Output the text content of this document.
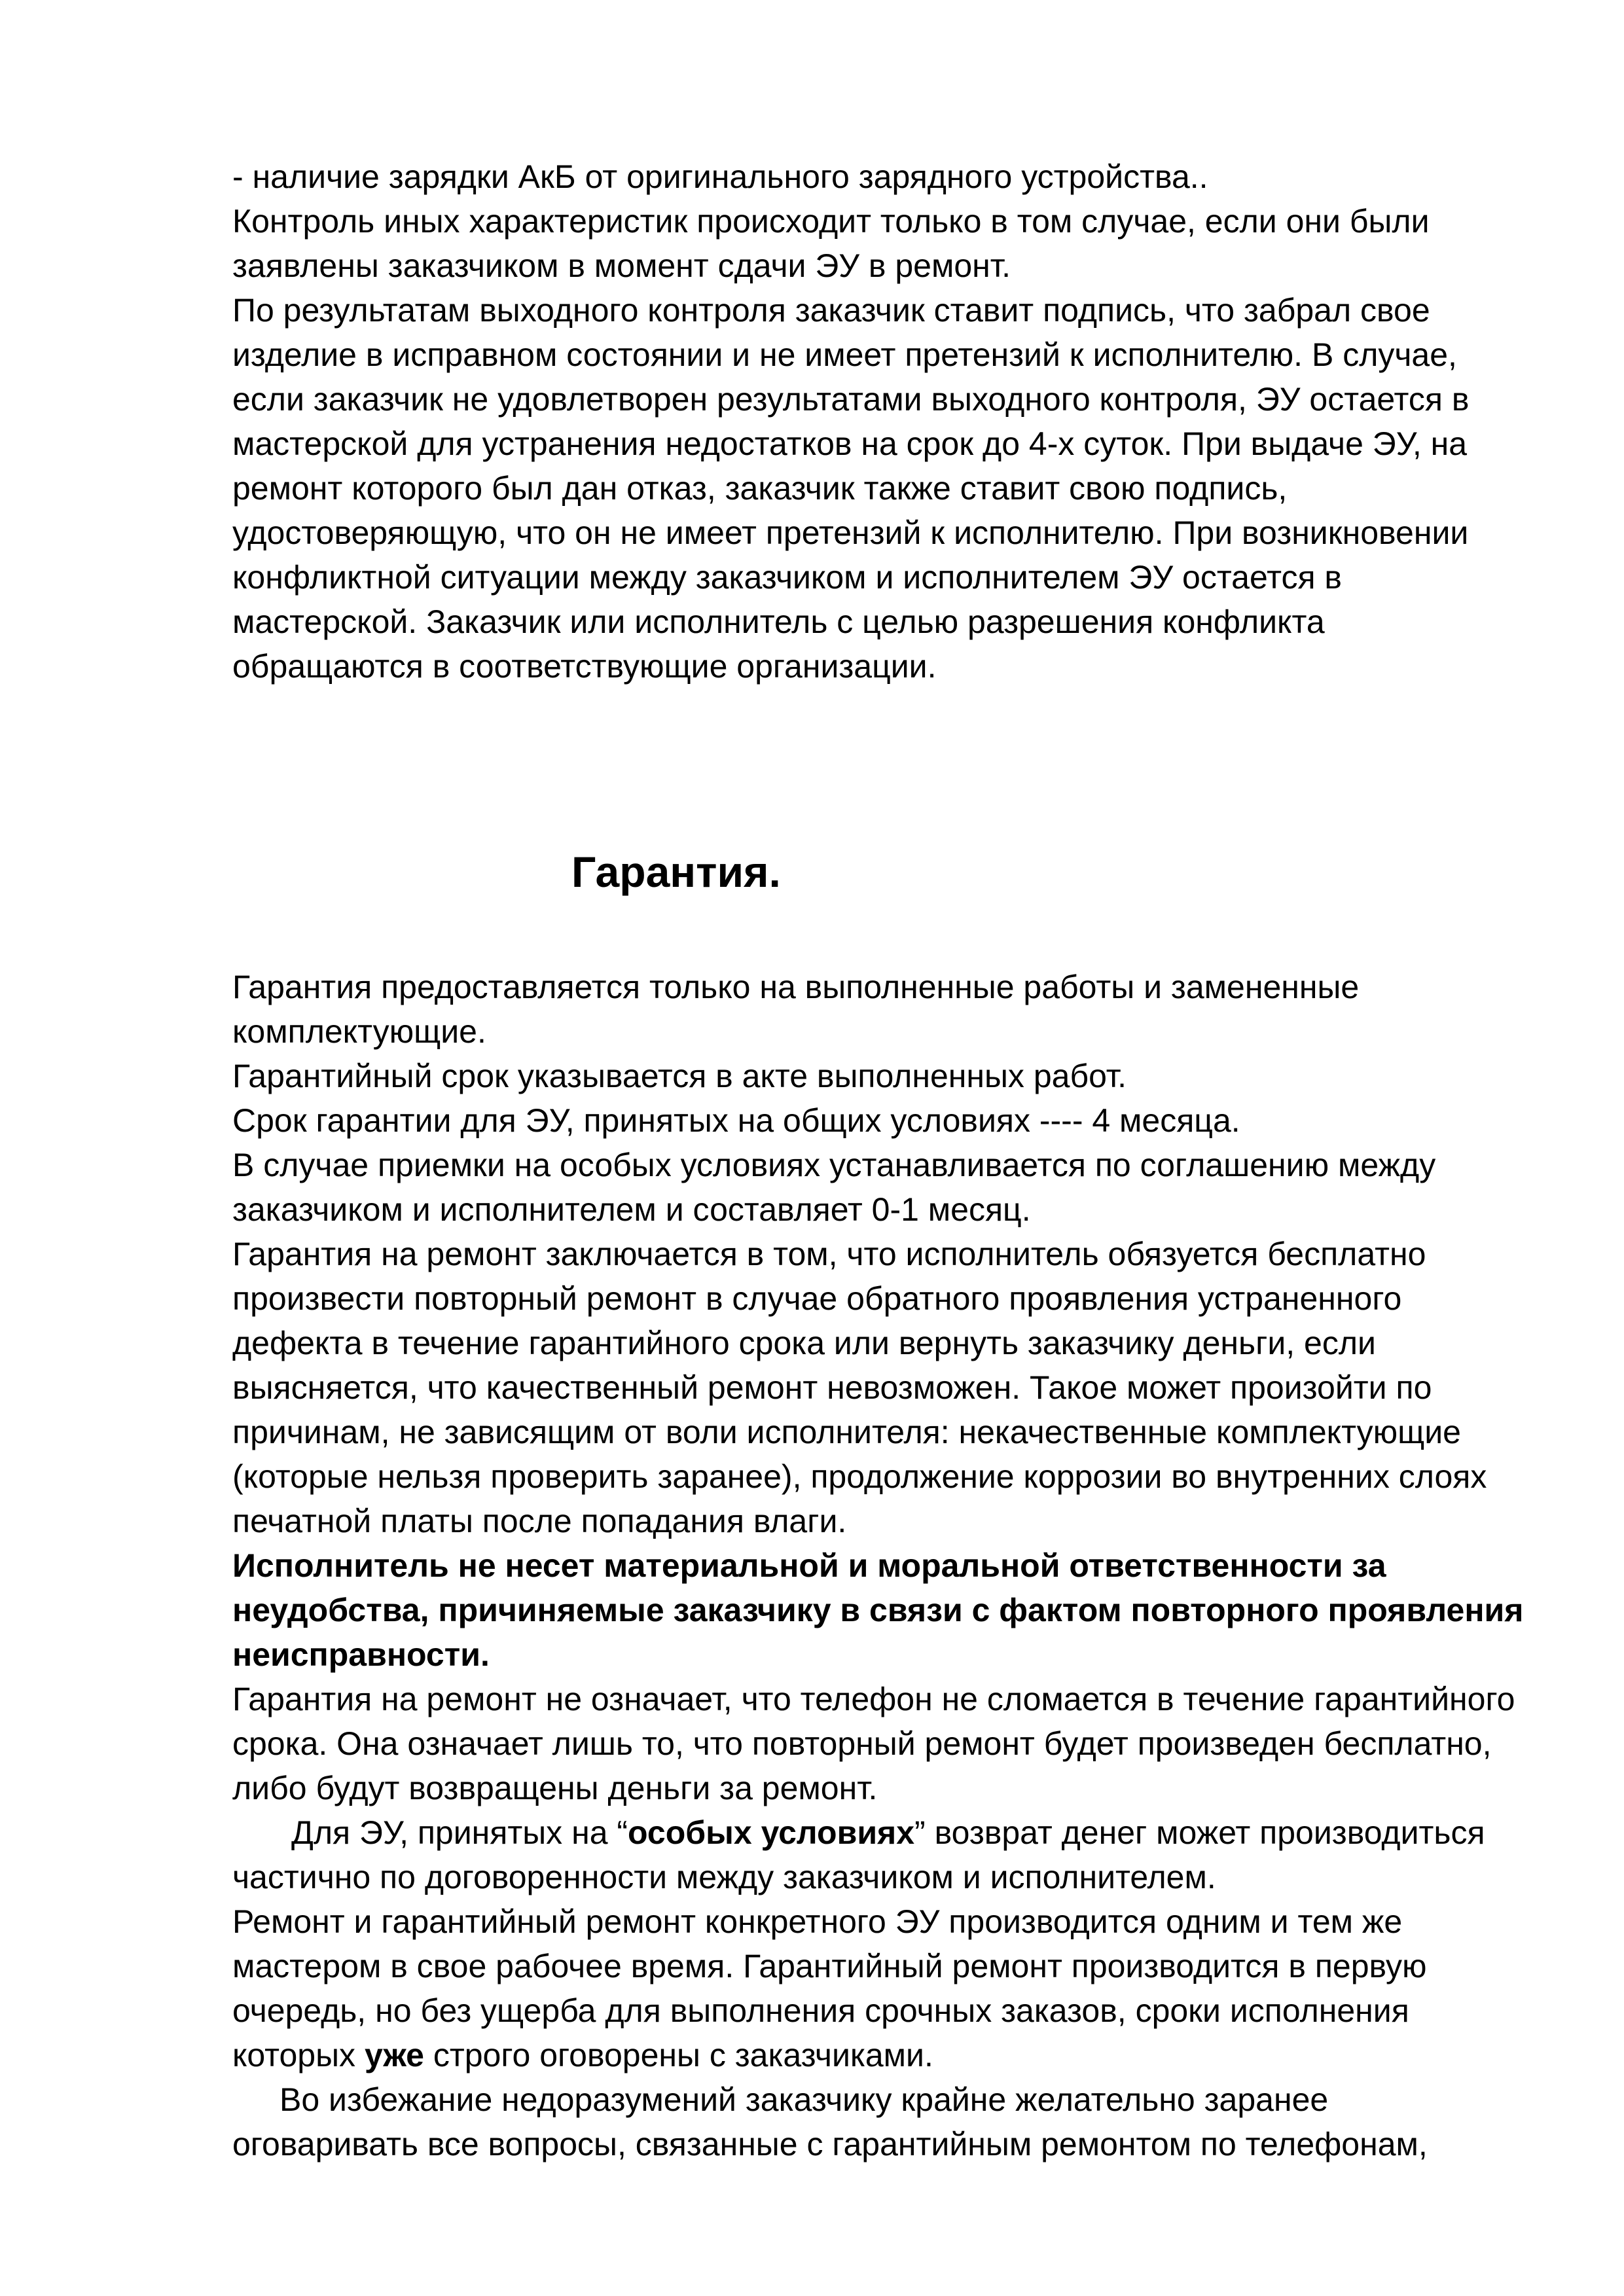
- наличие зарядки АкБ от оригинального зарядного устройства..
Контроль иных характеристик происходит только в том случае, если они были
заявлены заказчиком в момент сдачи ЭУ в ремонт.
По результатам выходного контроля заказчик ставит подпись, что забрал свое
изделие в исправном состоянии и не имеет претензий к исполнителю. В случае,
если заказчик не удовлетворен результатами выходного контроля, ЭУ остается в
мастерской для устранения недостатков на срок до 4-х суток. При выдаче ЭУ, на
ремонт которого был дан отказ, заказчик также ставит свою подпись,
удостоверяющую, что он не имеет претензий к исполнителю. При возникновении
конфликтной ситуации между заказчиком и исполнителем ЭУ остается в
мастерской. Заказчик или исполнитель с целью разрешения конфликта
обращаются в соответствующие организации.
Гарантия.
Гарантия предоставляется только на выполненные работы и замененные
комплектующие.
Гарантийный срок указывается в акте выполненных работ.
Срок гарантии для ЭУ, принятых на общих условиях ---- 4 месяца.
В случае приемки на особых условиях устанавливается по соглашению между
заказчиком и исполнителем и составляет 0-1 месяц.
Гарантия на ремонт заключается в том, что исполнитель обязуется бесплатно
произвести повторный ремонт в случае обратного проявления устраненного
дефекта в течение гарантийного срока или вернуть заказчику деньги, если
выясняется, что качественный ремонт невозможен. Такое может произойти по
причинам, не зависящим от воли исполнителя: некачественные комплектующие
(которые нельзя проверить заранее), продолжение коррозии во внутренних слоях
печатной платы после попадания влаги.
Исполнитель не несет материальной и моральной ответственности за
неудобства, причиняемые заказчику в связи с фактом повторного проявления
неисправности.
Гарантия на ремонт не означает, что телефон не сломается в течение гарантийного
срока. Она означает лишь то, что повторный ремонт будет произведен бесплатно,
либо будут возвращены деньги за ремонт.
Для ЭУ, принятых на “особых условиях” возврат денег может производиться
частично по договоренности между заказчиком и исполнителем.
Ремонт и гарантийный ремонт конкретного ЭУ производится одним и тем же
мастером в свое рабочее время. Гарантийный ремонт производится в первую
очередь, но без ущерба для выполнения срочных заказов, сроки исполнения
которых уже строго оговорены с заказчиками.
Во избежание недоразумений заказчику крайне желательно заранее
оговаривать все вопросы, связанные с гарантийным ремонтом по телефонам,
